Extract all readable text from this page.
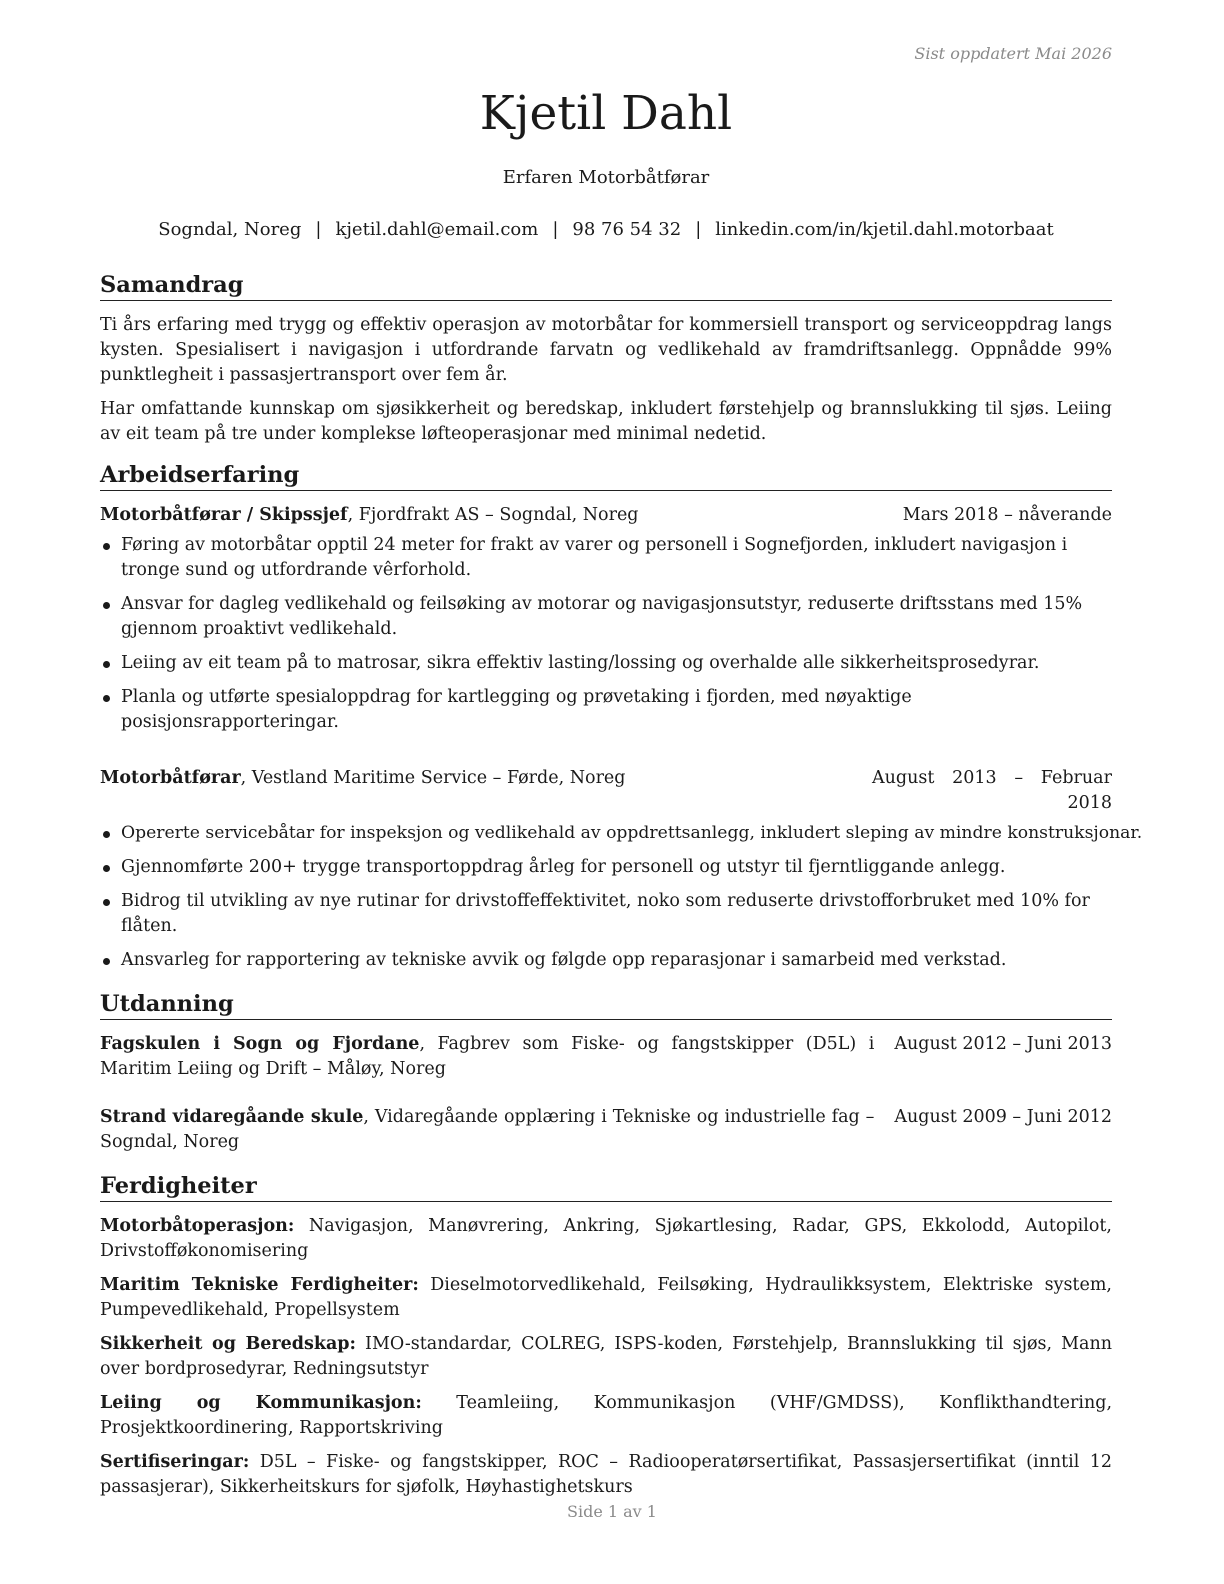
Sist oppdatert Mai 2026
Kjetil Dahl
Erfaren Motorbåtførar
Sogndal, Noreg | kjetil.dahl@email.com | 98 76 54 32 | linkedin.com/in/kjetil.dahl.motorbaat
Samandrag

Ti års erfaring med trygg og effektiv operasjon av motorbåtar for kommersiell transport og serviceoppdrag langs kysten. Spesialisert i navigasjon i utfordrande farvatn og vedlikehald av framdriftsanlegg. Oppnådde 99% punktlegheit i passasjertransport over fem år.

Har omfattande kunnskap om sjøsikkerheit og beredskap, inkludert førstehjelp og brannslukking til sjøs. Leiing av eit team på tre under komplekse løfteoperasjonar med minimal nedetid.

Arbeidserfaring
Motorbåtførar / Skipssjef, Fjordfrakt AS – Sogndal, Noreg	Mars 2018 – nåverande
Føring av motorbåtar opptil 24 meter for frakt av varer og personell i Sognefjorden, inkludert navigasjon i tronge sund og utfordrande vêrforhold.
Ansvar for dagleg vedlikehald og feilsøking av motorar og navigasjonsutstyr, reduserte driftsstans med 15% gjennom proaktivt vedlikehald.
Leiing av eit team på to matrosar, sikra effektiv lasting/lossing og overhalde alle sikkerheitsprosedyrar.
Planla og utførte spesialoppdrag for kartlegging og prøvetaking i fjorden, med nøyaktige posisjonsrapporteringar.
Motorbåtførar, Vestland Maritime Service – Førde, Noreg	August 2013 – Februar 2018
Opererte servicebåtar for inspeksjon og vedlikehald av oppdrettsanlegg, inkludert sleping av mindre konstruksjonar.
Gjennomførte 200+ trygge transportoppdrag årleg for personell og utstyr til fjerntliggande anlegg.
Bidrog til utvikling av nye rutinar for drivstoffeffektivitet, noko som reduserte drivstofforbruket med 10% for flåten.
Ansvarleg for rapportering av tekniske avvik og følgde opp reparasjonar i samarbeid med verkstad.
Utdanning
Fagskulen i Sogn og Fjordane, Fagbrev som Fiske- og fangstskipper (D5L) i Maritim Leiing og Drift – Måløy, Noreg
August 2012 – Juni 2013
Strand vidaregåande skule, Vidaregåande opplæring i Tekniske og industrielle fag – Sogndal, Noreg
August 2009 – Juni 2012
Ferdigheiter

Motorbåtoperasjon: Navigasjon, Manøvrering, Ankring, Sjøkartlesing, Radar, GPS, Ekkolodd, Autopilot, Drivstofføkonomisering

Maritim Tekniske Ferdigheiter: Dieselmotorvedlikehald, Feilsøking, Hydraulikksystem, Elektriske system, Pumpevedlikehald, Propellsystem

Sikkerheit og Beredskap: IMO-standardar, COLREG, ISPS-koden, Førstehjelp, Brannslukking til sjøs, Mann over bordprosedyrar, Redningsutstyr

Leiing og Kommunikasjon: Teamleiing, Kommunikasjon (VHF/GMDSS), Konflikthandtering, Prosjektkoordinering, Rapportskriving

Sertifiseringar: D5L – Fiske- og fangstskipper, ROC – Radiooperatørsertifikat, Passasjersertifikat (inntil 12 passasjerar), Sikkerheitskurs for sjøfolk, Høyhastighetskurs

Side 1 av 1
